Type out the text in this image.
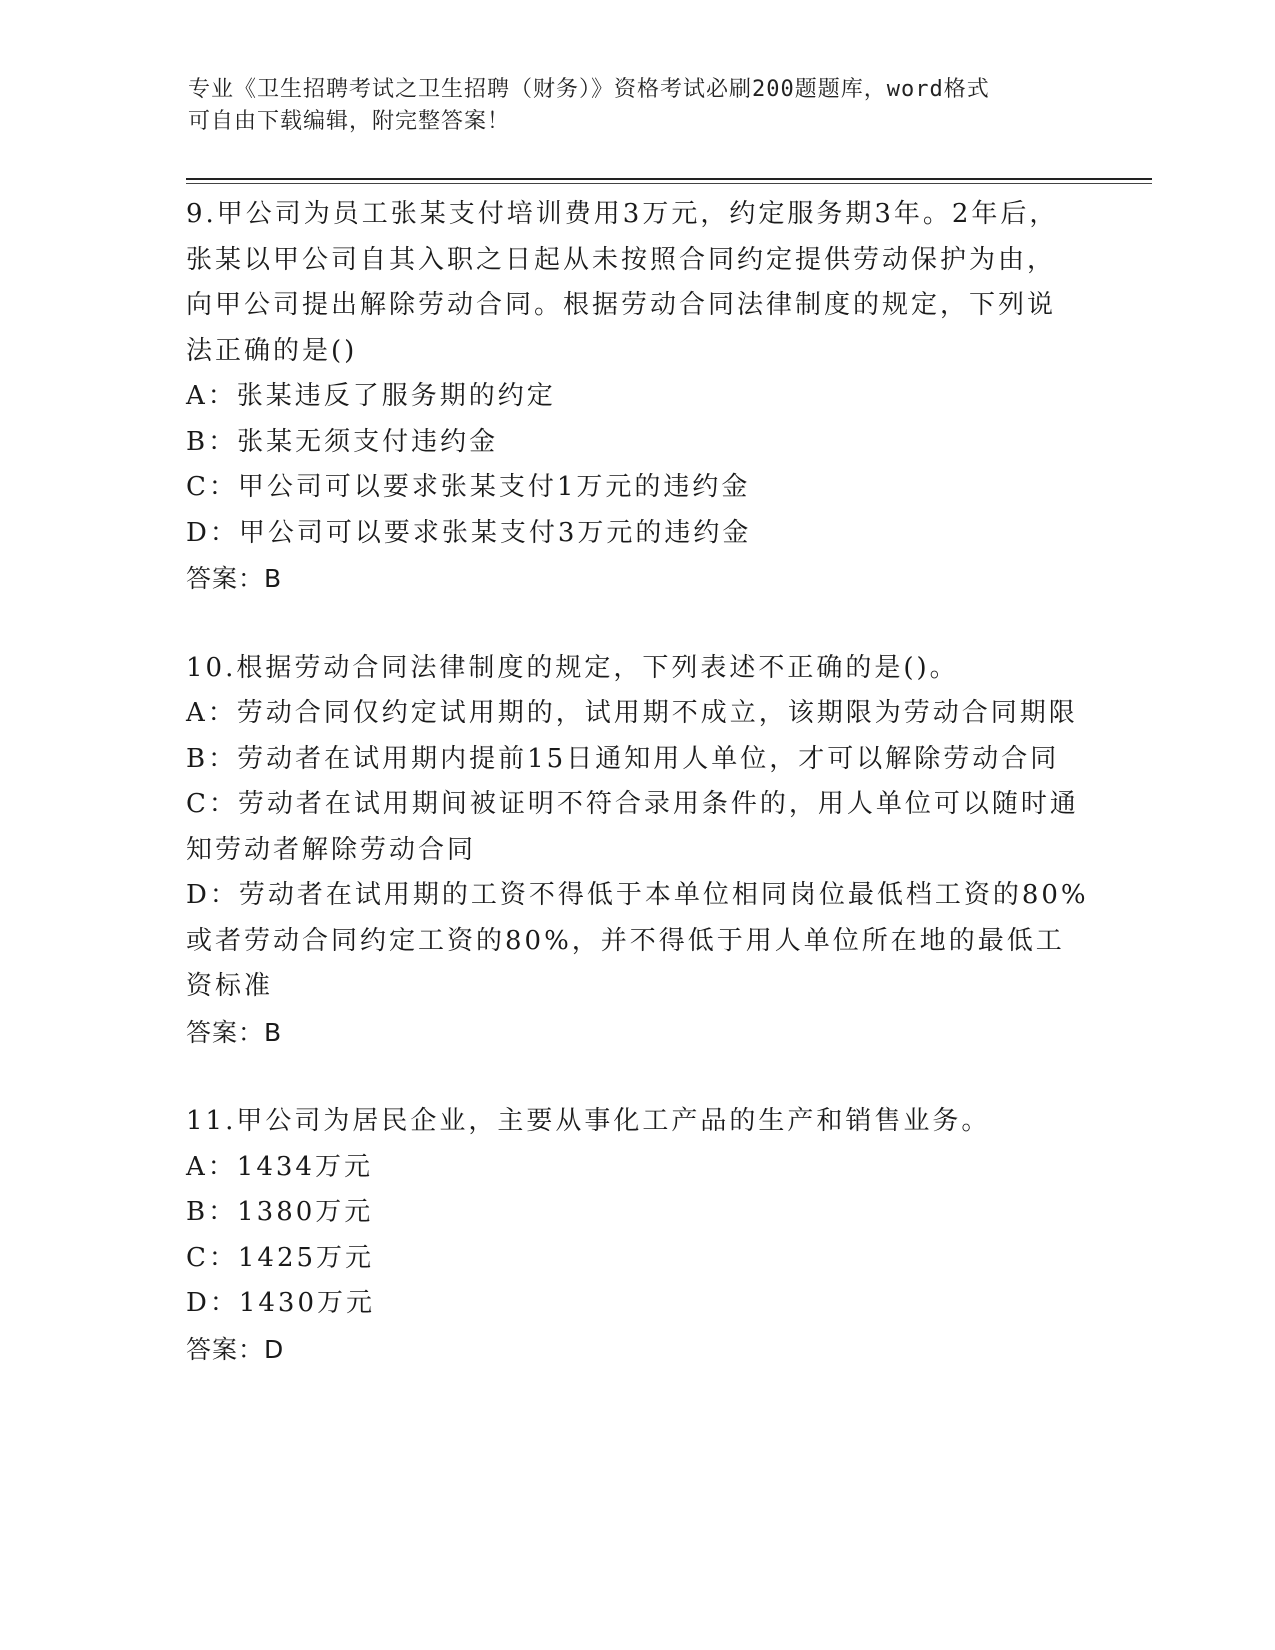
专业《卫生招聘考试之卫生招聘（财务）》资格考试必刷200题题库，word格式

可自由下载编辑，附完整答案！

9.甲公司为员工张某支付培训费用3万元，约定服务期3年。2年后，

张某以甲公司自其入职之日起从未按照合同约定提供劳动保护为由，

向甲公司提出解除劳动合同。根据劳动合同法律制度的规定，下列说

法正确的是()

A：张某违反了服务期的约定

B：张某无须支付违约金

C：甲公司可以要求张某支付1万元的违约金

D：甲公司可以要求张某支付3万元的违约金

答案：B

10.根据劳动合同法律制度的规定，下列表述不正确的是()。

A：劳动合同仅约定试用期的，试用期不成立，该期限为劳动合同期限

B：劳动者在试用期内提前15日通知用人单位，才可以解除劳动合同

C：劳动者在试用期间被证明不符合录用条件的，用人单位可以随时通

知劳动者解除劳动合同

D：劳动者在试用期的工资不得低于本单位相同岗位最低档工资的80%

或者劳动合同约定工资的80%，并不得低于用人单位所在地的最低工

资标准

答案：B

11.甲公司为居民企业，主要从事化工产品的生产和销售业务。

A：1434万元

B：1380万元

C：1425万元

D：1430万元

答案：D
